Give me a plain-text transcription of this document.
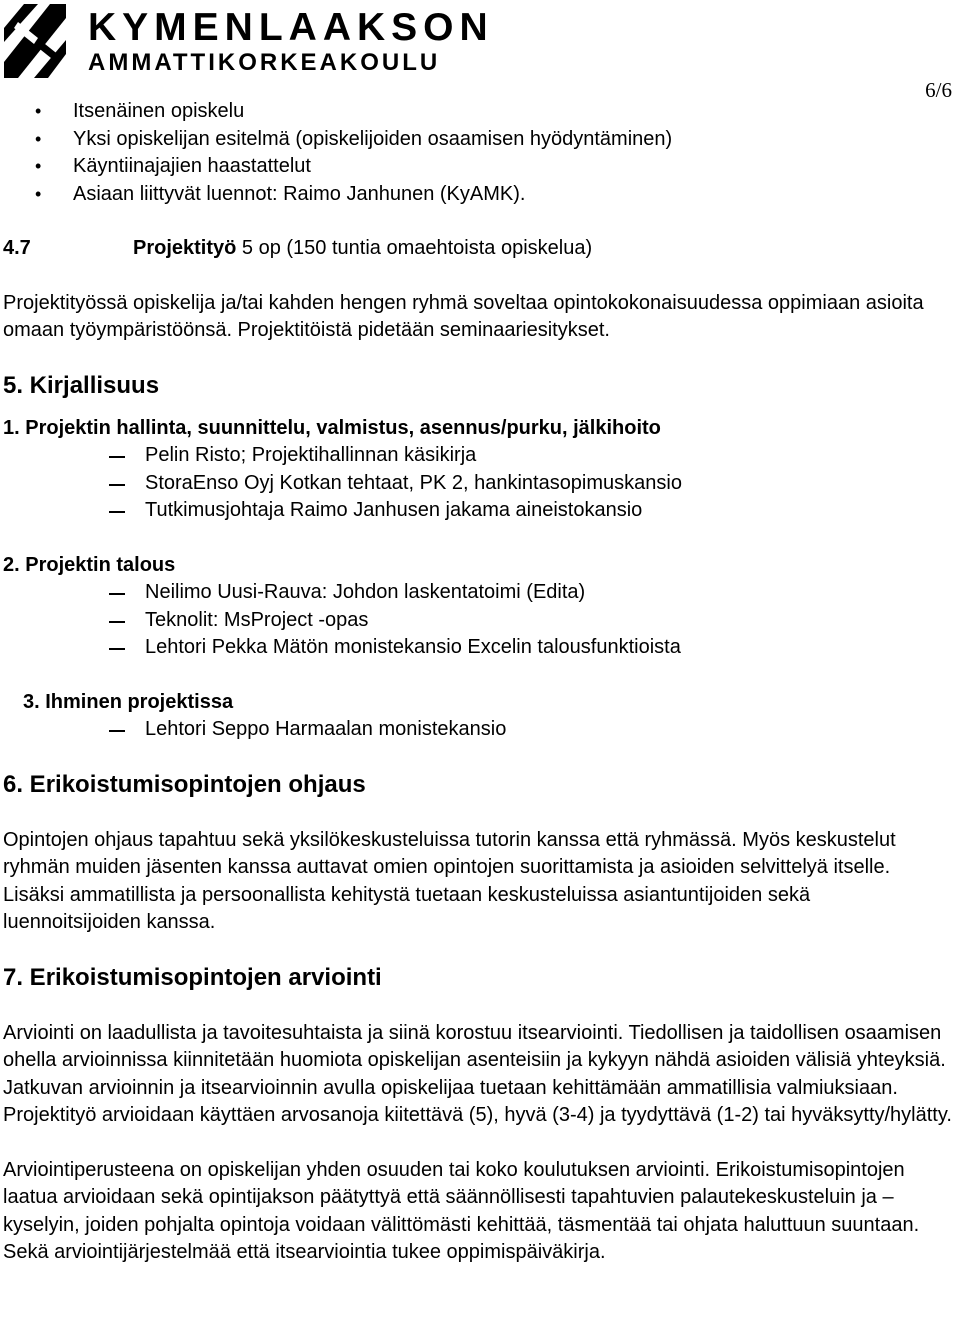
KYMENLAAKSON
AMMATTIKORKEAKOULU
6/6
• Itsenäinen opiskelu
• Yksi opiskelijan esitelmä (opiskelijoiden osaamisen hyödyntäminen)
• Käyntiinajajien haastattelut
• Asiaan liittyvät luennot: Raimo Janhunen (KyAMK).
4.7	Projektityö 5 op (150 tuntia omaehtoista opiskelua)

Projektityössä opiskelija ja/tai kahden hengen ryhmä soveltaa opintokokonaisuudessa oppimiaan asioita omaan työympäristöönsä. Projektitöistä pidetään seminaariesitykset.

5. Kirjallisuus
1. Projektin hallinta, suunnittelu, valmistus, asennus/purku, jälkihoito
Pelin Risto; Projektihallinnan käsikirja
StoraEnso Oyj Kotkan tehtaat, PK 2, hankintasopimuskansio
Tutkimusjohtaja Raimo Janhusen jakama aineistokansio
2. Projektin talous
Neilimo Uusi-Rauva: Johdon laskentatoimi (Edita)
Teknolit: MsProject -opas
Lehtori Pekka Mätön monistekansio Excelin talousfunktioista
3. Ihminen projektissa
Lehtori Seppo Harmaalan monistekansio
6. Erikoistumisopintojen ohjaus

Opintojen ohjaus tapahtuu sekä yksilökeskusteluissa tutorin kanssa että ryhmässä. Myös keskustelut ryhmän muiden jäsenten kanssa auttavat omien opintojen suorittamista ja asioiden selvittelyä itselle. Lisäksi ammatillista ja persoonallista kehitystä tuetaan keskusteluissa asiantuntijoiden sekä luennoitsijoiden kanssa.

7. Erikoistumisopintojen arviointi

Arviointi on laadullista ja tavoitesuhtaista ja siinä korostuu itsearviointi. Tiedollisen ja taidollisen osaamisen ohella arvioinnissa kiinnitetään huomiota opiskelijan asenteisiin ja kykyyn nähdä asioiden välisiä yhteyksiä. Jatkuvan arvioinnin ja itsearvioinnin avulla opiskelijaa tuetaan kehittämään ammatillisia valmiuksiaan. Projektityö arvioidaan käyttäen arvosanoja kiitettävä (5), hyvä (3-4) ja tyydyttävä (1-2) tai hyväksytty/hylätty.

Arviointiperusteena on opiskelijan yhden osuuden tai koko koulutuksen arviointi. Erikoistumisopintojen laatua arvioidaan sekä opintijakson päätyttyä että säännöllisesti tapahtuvien palautekeskusteluin ja –kyselyin, joiden pohjalta opintoja voidaan välittömästi kehittää, täsmentää tai ohjata haluttuun suuntaan. Sekä arviointijärjestelmää että itsearviointia tukee oppimispäiväkirja.
